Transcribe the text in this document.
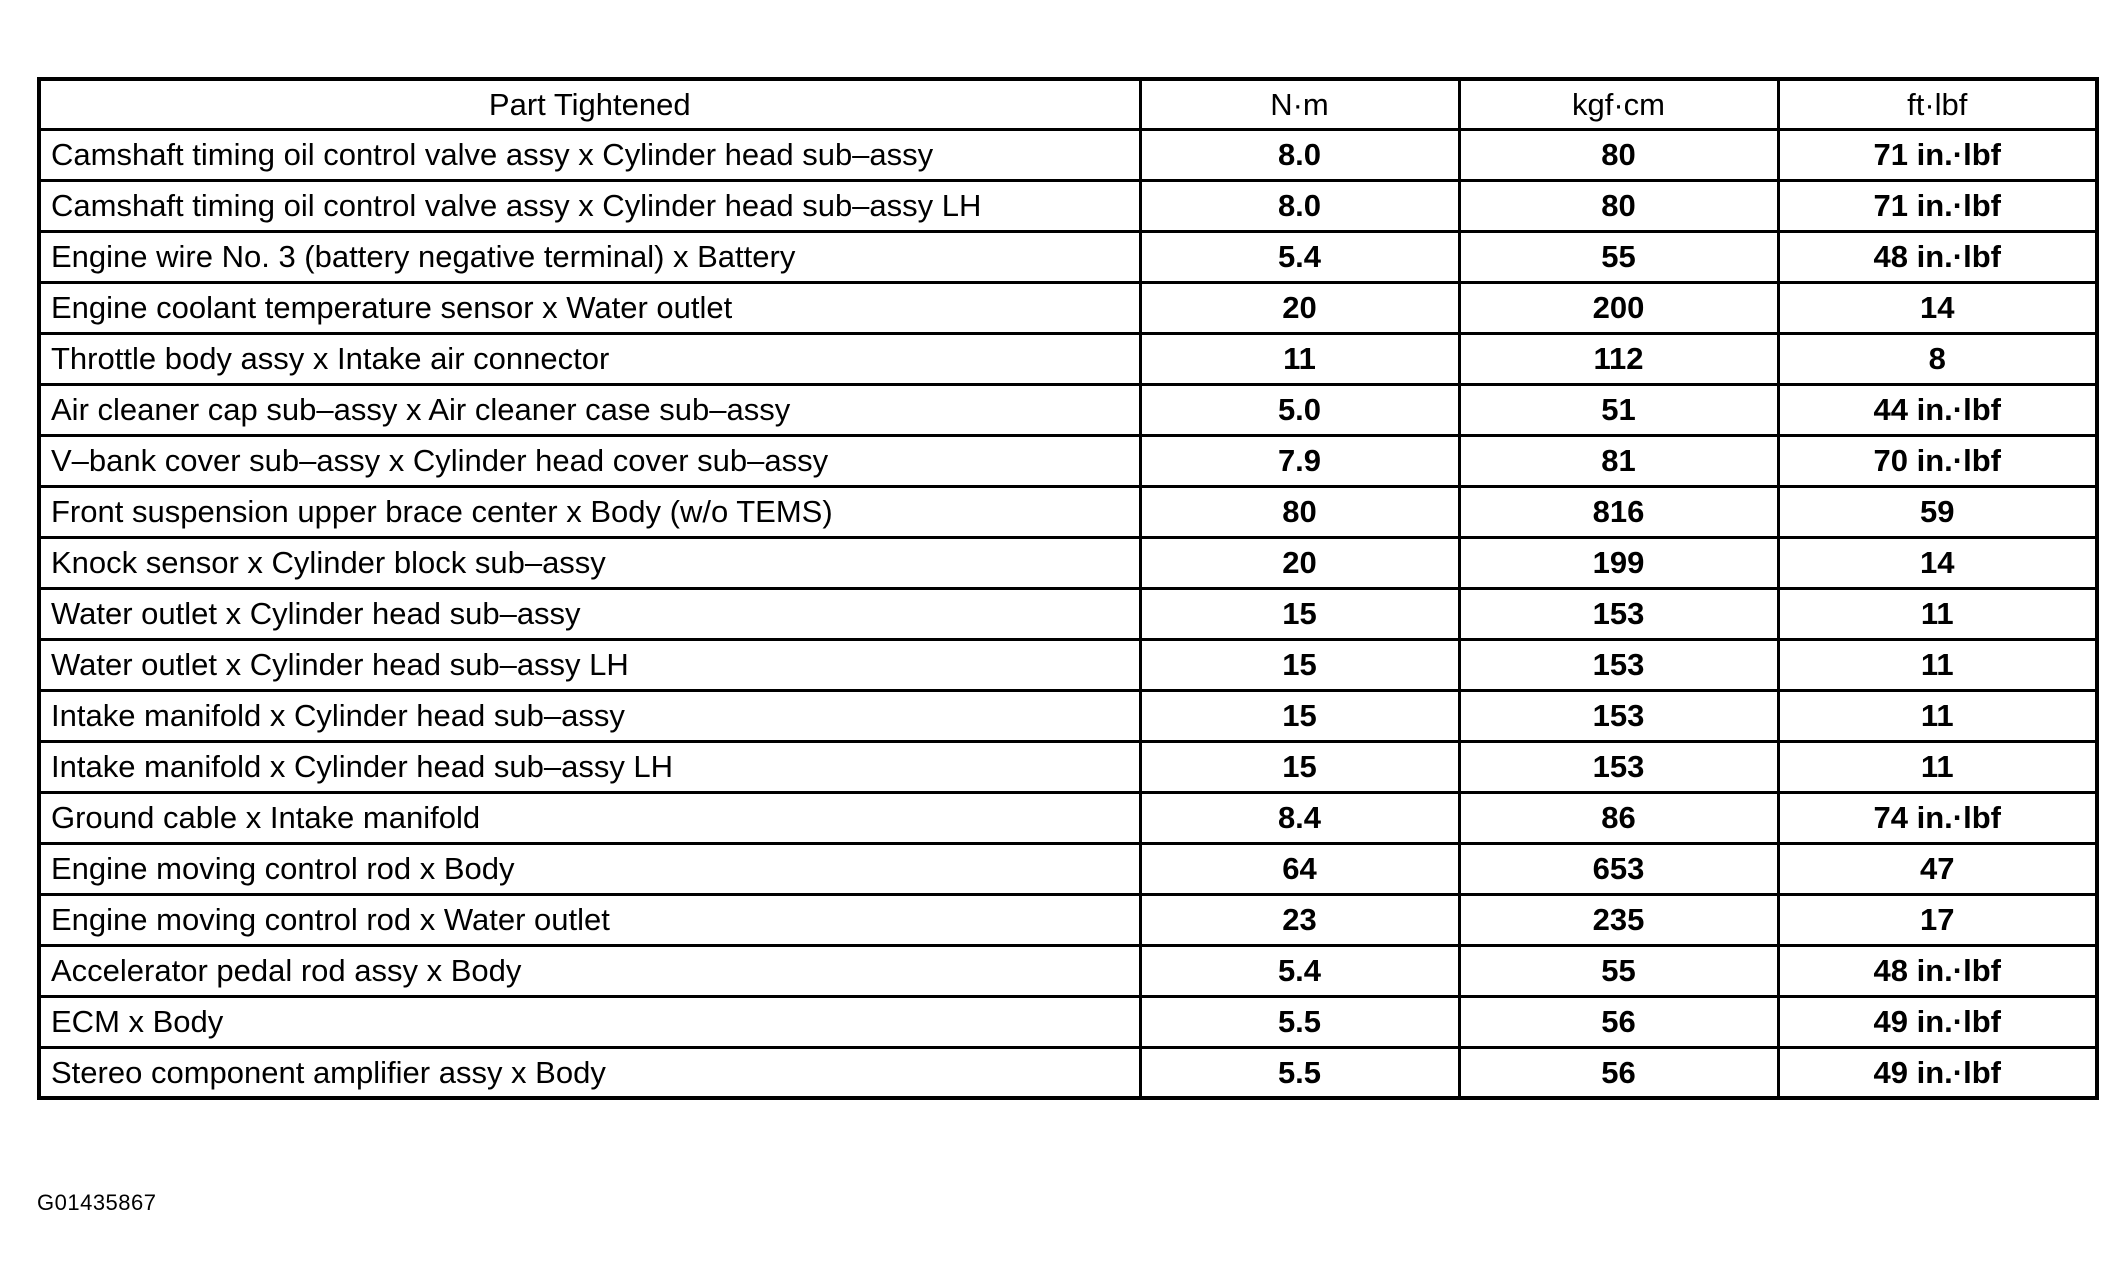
Part Tightened	N·m	kgf·cm	ft·lbf
Camshaft timing oil control valve assy x Cylinder head sub–assy	8.0	80	71 in.·lbf
Camshaft timing oil control valve assy x Cylinder head sub–assy LH	8.0	80	71 in.·lbf
Engine wire No. 3 (battery negative terminal) x Battery	5.4	55	48 in.·lbf
Engine coolant temperature sensor x Water outlet	20	200	14
Throttle body assy x Intake air connector	11	112	8
Air cleaner cap sub–assy x Air cleaner case sub–assy	5.0	51	44 in.·lbf
V–bank cover sub–assy x Cylinder head cover sub–assy	7.9	81	70 in.·lbf
Front suspension upper brace center x Body (w/o TEMS)	80	816	59
Knock sensor x Cylinder block sub–assy	20	199	14
Water outlet x Cylinder head sub–assy	15	153	11
Water outlet x Cylinder head sub–assy LH	15	153	11
Intake manifold x Cylinder head sub–assy	15	153	11
Intake manifold x Cylinder head sub–assy LH	15	153	11
Ground cable x Intake manifold	8.4	86	74 in.·lbf
Engine moving control rod x Body	64	653	47
Engine moving control rod x Water outlet	23	235	17
Accelerator pedal rod assy x Body	5.4	55	48 in.·lbf
ECM x Body	5.5	56	49 in.·lbf
Stereo component amplifier assy x Body	5.5	56	49 in.·lbf
G01435867
